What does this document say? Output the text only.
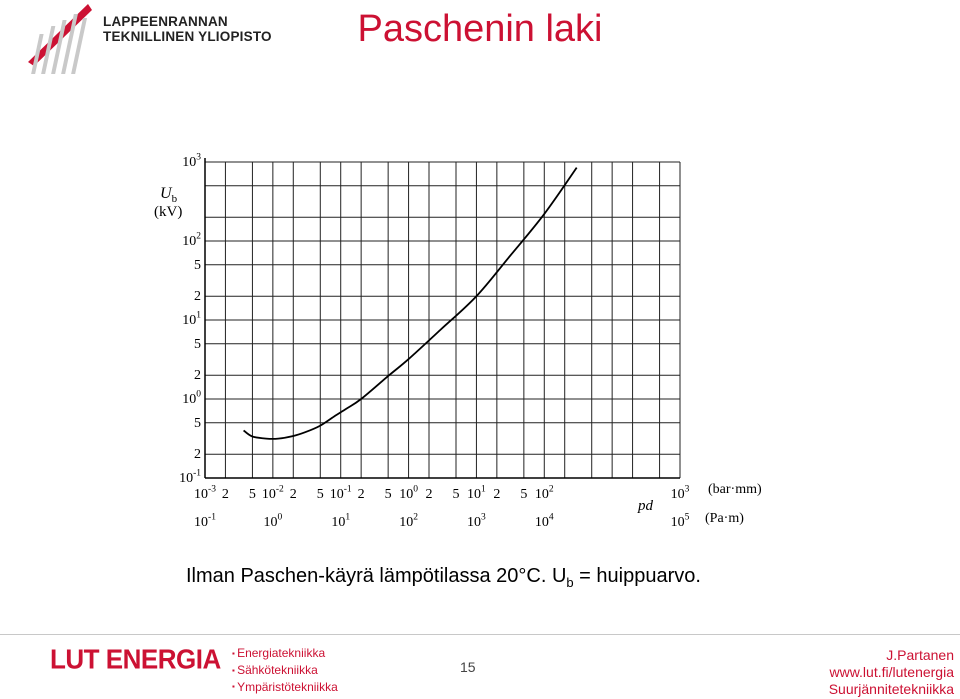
LAPPEENRANNAN
TEKNILLINEN YLIOPISTO	Paschenin laki
$10^3$
$10^2$
5
2
$10^1$
5
2
$10^0$
5
2
$10^{-1}$
$10^{-3}$ 2 5 $10^{-2}$ 2 5 $10^{-1}$ 2 5 $10^0$ 2 5 $10^1$ 2 5 $10^2$	$10^3$
$10^{-1}$	$10^0$	$10^1$	$10^2$	$10^3$	$10^4$	$10^5$
$U_b$
(kV)
pd
(bar·mm)
(Pa·m)
Ilman Paschen-käyrä lämpötilassa 20°C. $U_b$ = huippuarvo.
LUT ENERGIA
▪	Energiatekniikka
▪ Sähkötekniikka
▪ Ympäristötekniikka
15
J.Partanen
www.lut.fi/lutenergia
Suurjännitetekniikka
